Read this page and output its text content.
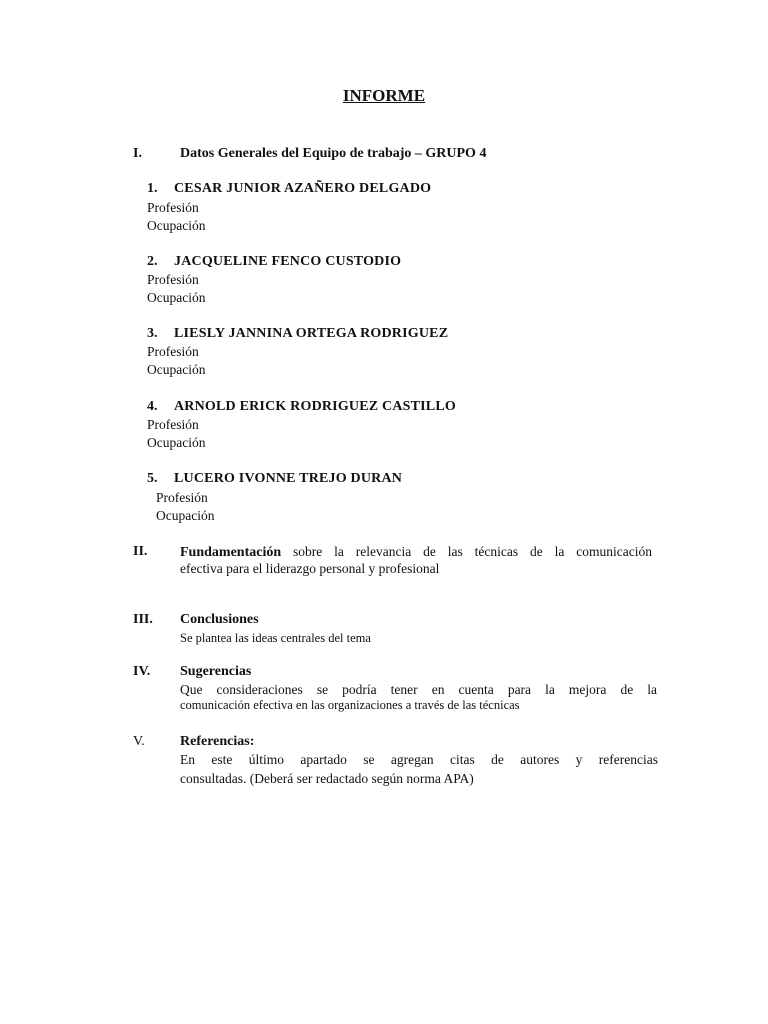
INFORME
I.	Datos Generales del Equipo de trabajo – GRUPO 4
1. CESAR JUNIOR AZAÑERO DELGADO
Profesión
Ocupación
2. JACQUELINE FENCO CUSTODIO
Profesión
Ocupación
3. LIESLY JANNINA ORTEGA RODRIGUEZ
Profesión
Ocupación
4. ARNOLD ERICK RODRIGUEZ CASTILLO
Profesión
Ocupación
5. LUCERO IVONNE TREJO DURAN
Profesión
Ocupación
II. Fundamentación sobre la relevancia de las técnicas de la comunicación
efectiva para el liderazgo personal y profesional
III. Conclusiones
Se plantea las ideas centrales del tema
IV. Sugerencias
Que consideraciones se podría tener en cuenta para la mejora de la
comunicación efectiva en las organizaciones a través de las técnicas
V.	Referencias:
En este último apartado se agregan citas de autores y referencias
consultadas. (Deberá ser redactado según norma APA)
